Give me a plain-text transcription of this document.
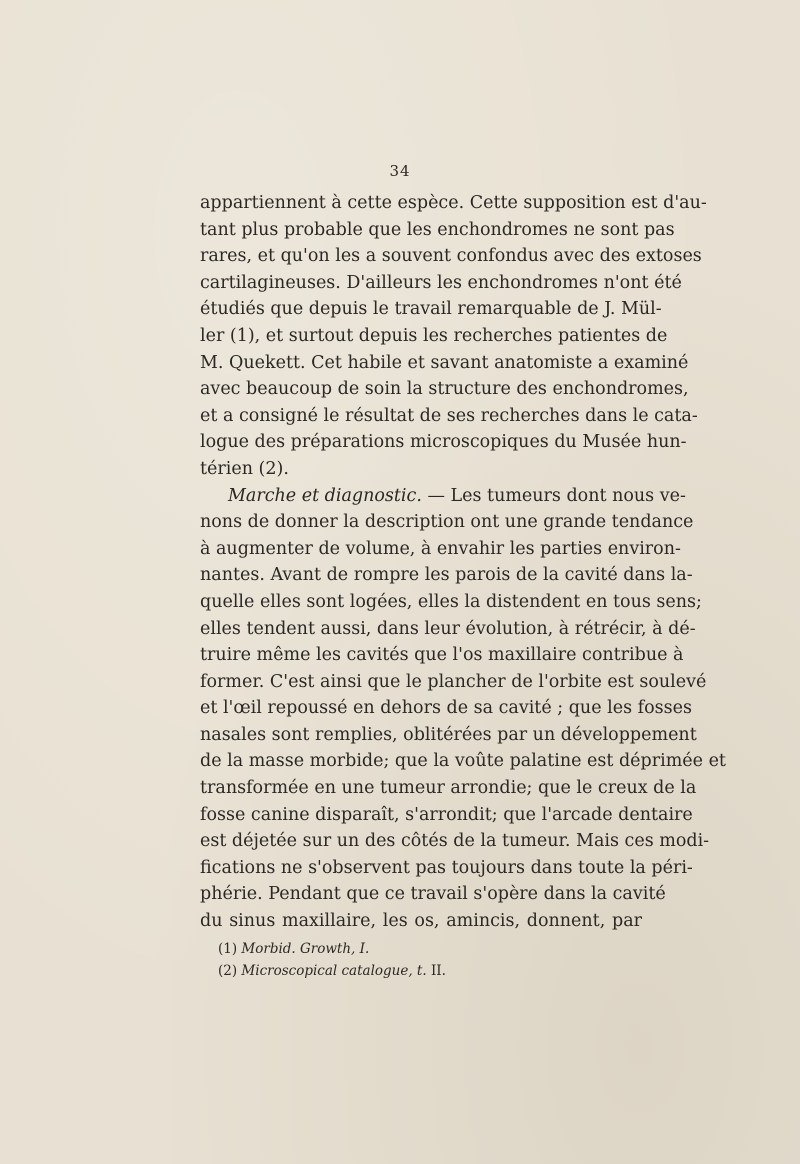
34
appartiennent à cette espèce. Cette supposition est d'au-
tant plus probable que les enchondromes ne sont pas
rares, et qu'on les a souvent confondus avec des extoses
cartilagineuses. D'ailleurs les enchondromes n'ont été
étudiés que depuis le travail remarquable de J. Mül-
ler (1), et surtout depuis les recherches patientes de
M. Quekett. Cet habile et savant anatomiste a examiné
avec beaucoup de soin la structure des enchondromes,
et a consigné le résultat de ses recherches dans le cata-
logue des préparations microscopiques du Musée hun-
térien (2).
Marche et diagnostic. — Les tumeurs dont nous ve-
nons de donner la description ont une grande tendance
à augmenter de volume, à envahir les parties environ-
nantes. Avant de rompre les parois de la cavité dans la-
quelle elles sont logées, elles la distendent en tous sens;
elles tendent aussi, dans leur évolution, à rétrécir, à dé-
truire même les cavités que l'os maxillaire contribue à
former. C'est ainsi que le plancher de l'orbite est soulevé
et l'œil repoussé en dehors de sa cavité ; que les fosses
nasales sont remplies, oblitérées par un développement
de la masse morbide; que la voûte palatine est déprimée et
transformée en une tumeur arrondie; que le creux de la
fosse canine disparaît, s'arrondit; que l'arcade dentaire
est déjetée sur un des côtés de la tumeur. Mais ces modi-
fications ne s'observent pas toujours dans toute la péri-
phérie. Pendant que ce travail s'opère dans la cavité
du sinus maxillaire, les os, amincis, donnent, par
(1) Morbid. Growth, I.
(2) Microscopical catalogue, t. II.
